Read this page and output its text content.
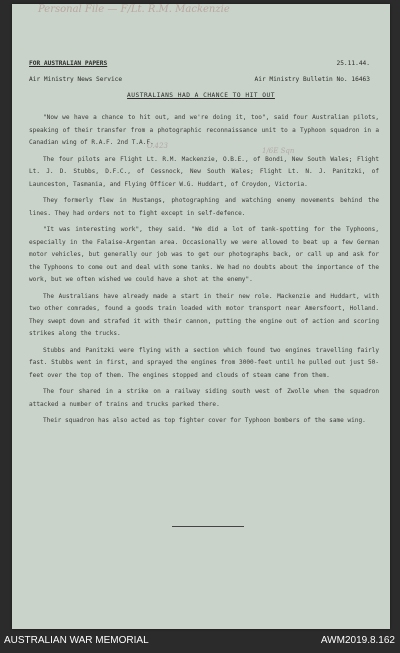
Personal File — F/Lt. R.M. Mackenzie
FOR AUSTRALIAN PAPERS	25.11.44.
Air Ministry News Service	Air Ministry Bulletin No. 16463
AUSTRALIANS HAD A CHANCE TO HIT OUT
O.423
1/6E Sqn

"Now we have a chance to hit out, and we're doing it, too", said four Australian pilots, speaking of their transfer from a photographic reconnaissance unit to a Typhoon squadron in a Canadian wing of R.A.F. 2nd T.A.F.

The four pilots are Flight Lt. R.M. Mackenzie, O.B.E., of Bondi, New South Wales; Flight Lt. J. D. Stubbs, D.F.C., of Cessnock, New South Wales; Flight Lt. N. J. Panitzki, of Launceston, Tasmania, and Flying Officer W.G. Huddart, of Croydon, Victoria.

They formerly flew in Mustangs, photographing and watching enemy movements behind the lines. They had orders not to fight except in self-defence.

"It was interesting work", they said. "We did a lot of tank-spotting for the Typhoons, especially in the Falaise-Argentan area. Occasionally we were allowed to beat up a few German motor vehicles, but generally our job was to get our photographs back, or call up and ask for the Typhoons to come out and deal with some tanks. We had no doubts about the importance of the work, but we often wished we could have a shot at the enemy".

The Australians have already made a start in their new role. Mackenzie and Huddart, with two other comrades, found a goods train loaded with motor transport near Amersfoort, Holland. They swept down and strafed it with their cannon, putting the engine out of action and scoring strikes along the trucks.

Stubbs and Panitzki were flying with a section which found two engines travelling fairly fast. Stubbs went in first, and sprayed the engines from 3000-feet until he pulled out just 50-feet over the top of them. The engines stopped and clouds of steam came from them.

The four shared in a strike on a railway siding south west of Zwolle when the squadron attacked a number of trains and trucks parked there.

Their squadron has also acted as top fighter cover for Typhoon bombers of the same wing.

AUSTRALIAN WAR MEMORIAL	AWM2019.8.162
